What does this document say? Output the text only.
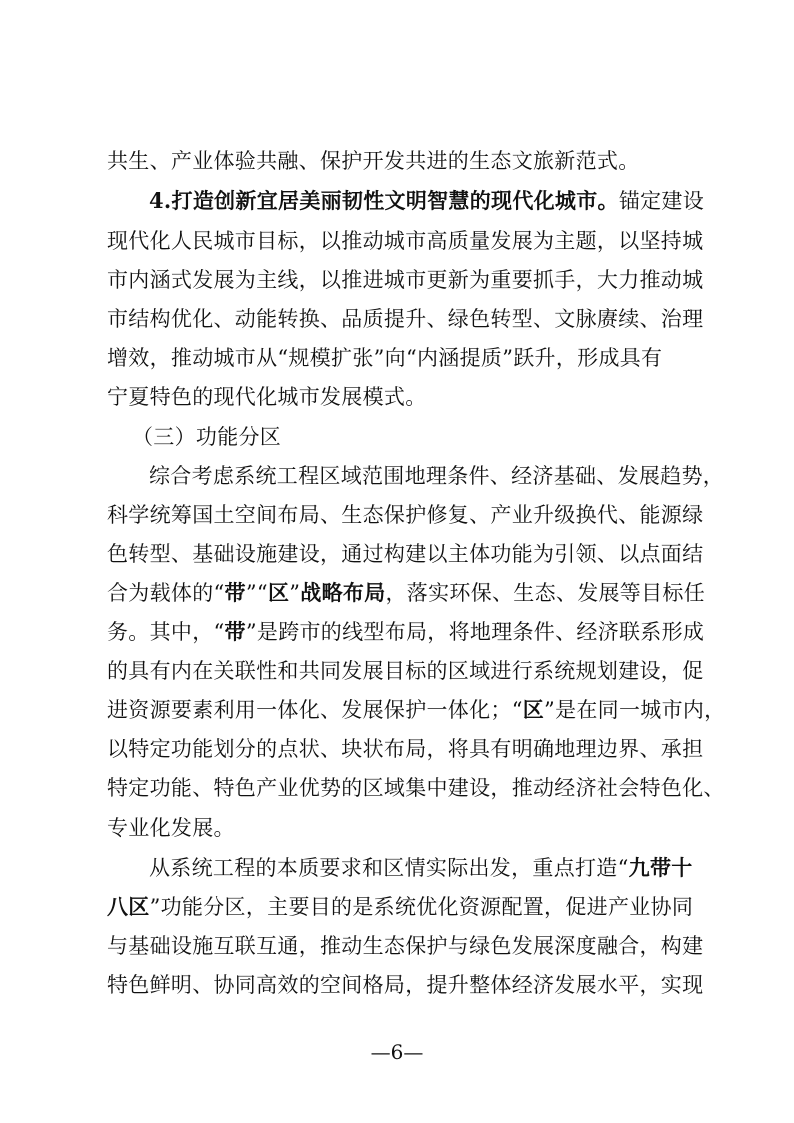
共生、产业体验共融、保护开发共进的生态文旅新范式。
4.打造创新宜居美丽韧性文明智慧的现代化城市。锚定建设
现代化人民城市目标，以推动城市高质量发展为主题，以坚持城
市内涵式发展为主线，以推进城市更新为重要抓手，大力推动城
市结构优化、动能转换、品质提升、绿色转型、文脉赓续、治理
增效，推动城市从“规模扩张”向“内涵提质”跃升，形成具有
宁夏特色的现代化城市发展模式。
（三）功能分区
综合考虑系统工程区域范围地理条件、经济基础、发展趋势，
科学统筹国土空间布局、生态保护修复、产业升级换代、能源绿
色转型、基础设施建设，通过构建以主体功能为引领、以点面结
合为载体的“带”“区”战略布局，落实环保、生态、发展等目标任
务。其中，“带”是跨市的线型布局，将地理条件、经济联系形成
的具有内在关联性和共同发展目标的区域进行系统规划建设，促
进资源要素利用一体化、发展保护一体化；“区”是在同一城市内，
以特定功能划分的点状、块状布局，将具有明确地理边界、承担
特定功能、特色产业优势的区域集中建设，推动经济社会特色化、
专业化发展。
从系统工程的本质要求和区情实际出发，重点打造“九带十
八区”功能分区，主要目的是系统优化资源配置，促进产业协同
与基础设施互联互通，推动生态保护与绿色发展深度融合，构建
特色鲜明、协同高效的空间格局，提升整体经济发展水平，实现
—6—
